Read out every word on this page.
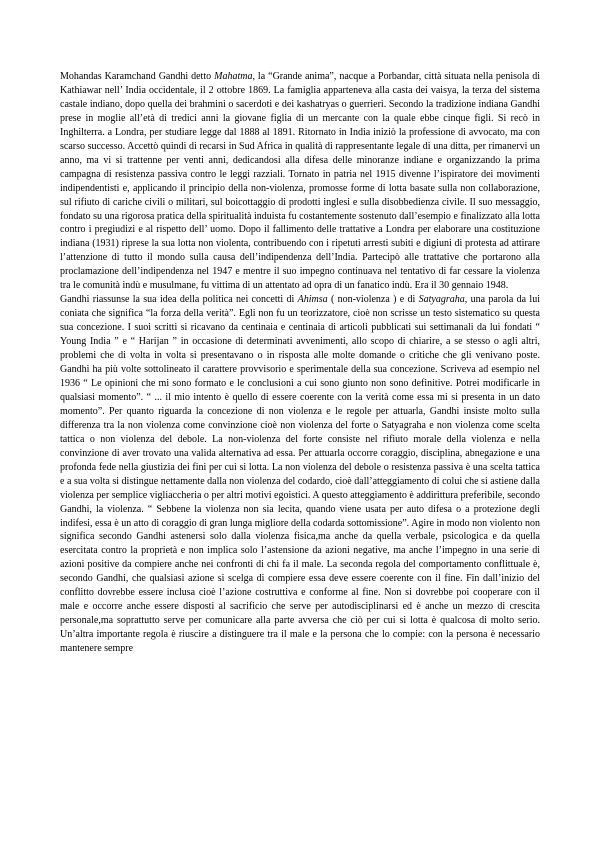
Mohandas Karamchand Gandhi detto Mahatma, la “Grande anima”, nacque a Porbandar, città situata nella penisola di Kathiawar nell’ India occidentale, il 2 ottobre 1869. La famiglia apparteneva alla casta dei vaisya, la terza del sistema castale indiano, dopo quella dei brahmini o sacerdoti e dei kashatryas o guerrieri. Secondo la tradizione indiana Gandhi prese in moglie all’età di tredici anni la giovane figlia di un mercante con la quale ebbe cinque figli. Si recò in Inghilterra. a Londra, per studiare legge dal 1888 al 1891. Ritornato in India iniziò la professione di avvocato, ma con scarso successo. Accettò quindi di recarsi in Sud Africa in qualità di rappresentante legale di una ditta, per rimanervi un anno, ma vi si trattenne per venti anni, dedicandosi alla difesa delle minoranze indiane e organizzando la prima campagna di resistenza passiva contro le leggi razziali. Tornato in patria nel 1915 divenne l’ispiratore dei movimenti indipendentisti e, applicando il principio della non-violenza, promosse forme di lotta basate sulla non collaborazione, sul rifiuto di cariche civili o militari, sul boicottaggio di prodotti inglesi e sulla disobbedienza civile. Il suo messaggio, fondato su una rigorosa pratica della spiritualità induista fu costantemente sostenuto dall’esempio e finalizzato alla lotta contro i pregiudizi e al rispetto dell’ uomo. Dopo il fallimento delle trattative a Londra per elaborare una costituzione indiana (1931) riprese la sua lotta non violenta, contribuendo con i ripetuti arresti subiti e digiuni di protesta ad attirare l’attenzione di tutto il mondo sulla causa dell’indipendenza dell’India. Partecipò alle trattative che portarono alla proclamazione dell’indipendenza nel 1947 e mentre il suo impegno continuava nel tentativo di far cessare la violenza tra le comunità indù e musulmane, fu vittima di un attentato ad opra di un fanatico indù. Era il 30 gennaio 1948.

Gandhi riassunse la sua idea della politica nei concetti di Ahimsa ( non-violenza ) e di Satyagraha, una parola da lui coniata che significa “la forza della verità”. Egli non fu un teorizzatore, cioè non scrisse un testo sistematico su questa sua concezione. I suoi scritti si ricavano da centinaia e centinaia di articoli pubblicati sui settimanali da lui fondati “ Young India ” e “ Harijan ” in occasione di determinati avvenimenti, allo scopo di chiarire, a se stesso o agli altri, problemi che di volta in volta si presentavano o in risposta alle molte domande o critiche che gli venivano poste. Gandhi ha più volte sottolineato il carattere provvisorio e sperimentale della sua concezione. Scriveva ad esempio nel 1936 “ Le opinioni che mi sono formato e le conclusioni a cui sono giunto non sono definitive. Potrei modificarle in qualsiasi momento”. “ ... il mio intento è quello di essere coerente con la verità come essa mi si presenta in un dato momento”. Per quanto riguarda la concezione di non violenza e le regole per attuarla, Gandhi insiste molto sulla differenza tra la non violenza come convinzione cioè non violenza del forte o Satyagraha e non violenza come scelta tattica o non violenza del debole. La non-violenza del forte consiste nel rifiuto morale della violenza e nella convinzione di aver trovato una valida alternativa ad essa. Per attuarla occorre coraggio, disciplina, abnegazione e una profonda fede nella giustizia dei fini per cui si lotta. La non violenza del debole o resistenza passiva è una scelta tattica e a sua volta si distingue nettamente dalla non violenza del codardo, cioè dall’atteggiamento di colui che si astiene dalla violenza per semplice vigliaccheria o per altri motivi egoistici. A questo atteggiamento è addirittura preferibile, secondo Gandhi, la violenza. “ Sebbene la violenza non sia lecita, quando viene usata per auto difesa o a protezione degli indifesi, essa è un atto di coraggio di gran lunga migliore della codarda sottomissione”. Agire in modo non violento non significa secondo Gandhi astenersi solo dalla violenza fisica,ma anche da quella verbale, psicologica e da quella esercitata contro la proprietà e non implica solo l’astensione da azioni negative, ma anche l’impegno in una serie di azioni positive da compiere anche nei confronti di chi fa il male. La seconda regola del comportamento conflittuale è, secondo Gandhi, che qualsiasi azione si scelga di compiere essa deve essere coerente con il fine. Fin dall’inizio del conflitto dovrebbe essere inclusa cioè l’azione costruttiva e conforme al fine. Non si dovrebbe poi cooperare con il male e occorre anche essere disposti al sacrificio che serve per autodisciplinarsi ed è anche un mezzo di crescita personale,ma soprattutto serve per comunicare alla parte avversa che ciò per cui si lotta è qualcosa di molto serio. Un’altra importante regola è riuscire a distinguere tra il male e la persona che lo compie: con la persona è necessario mantenere sempre
